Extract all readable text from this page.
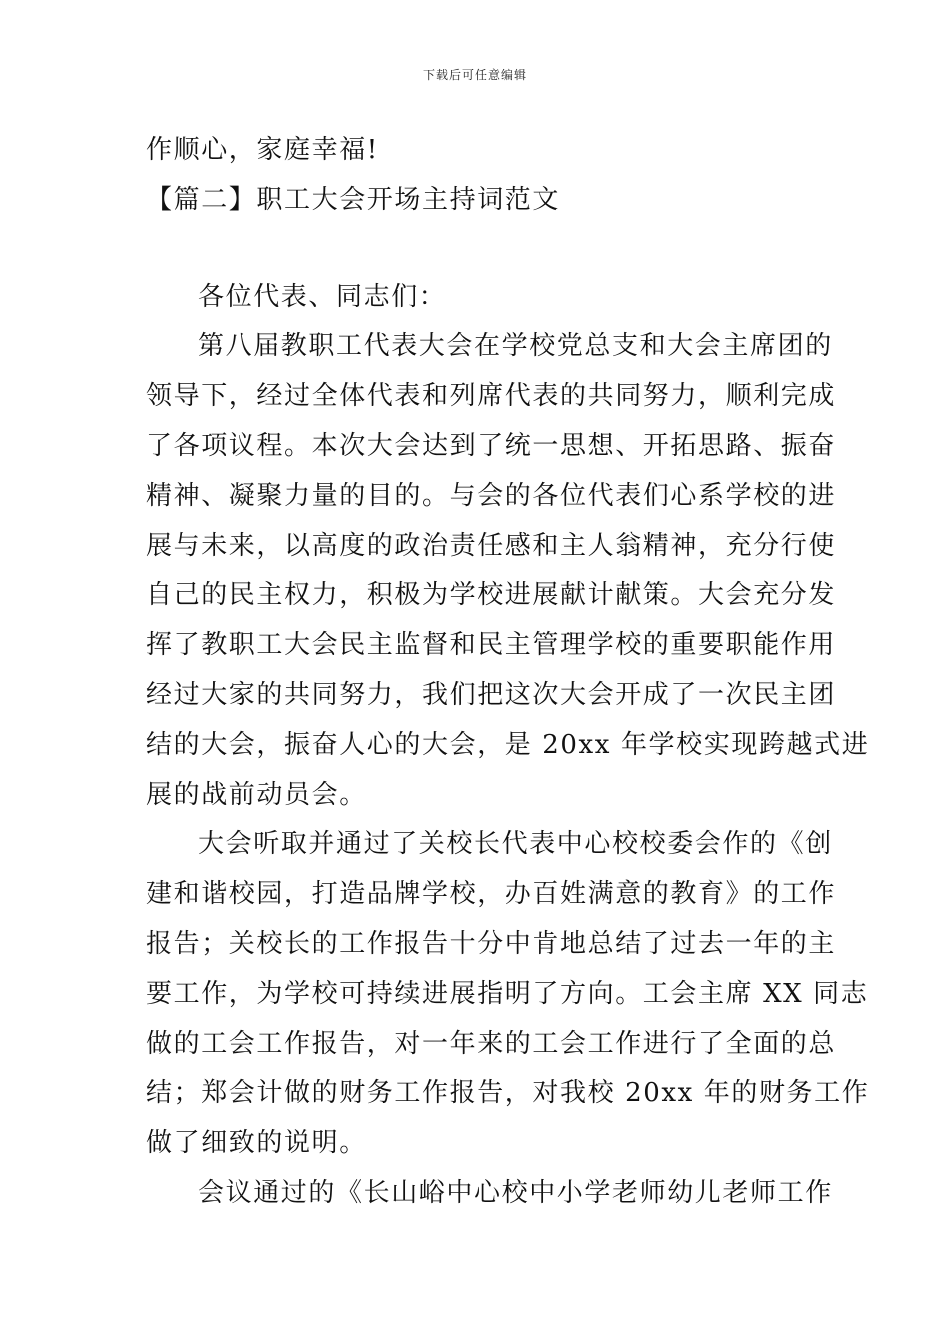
下载后可任意编辑
作顺心，家庭幸福!
【篇二】职工大会开场主持词范文
各位代表、同志们：
第八届教职工代表大会在学校党总支和大会主席团的
领导下，经过全体代表和列席代表的共同努力，顺利完成
了各项议程。本次大会达到了统一思想、开拓思路、振奋
精神、凝聚力量的目的。与会的各位代表们心系学校的进
展与未来，以高度的政治责任感和主人翁精神，充分行使
自己的民主权力，积极为学校进展献计献策。大会充分发
挥了教职工大会民主监督和民主管理学校的重要职能作用
经过大家的共同努力，我们把这次大会开成了一次民主团
结的大会，振奋人心的大会，是 20xx 年学校实现跨越式进
展的战前动员会。
大会听取并通过了关校长代表中心校校委会作的《创
建和谐校园，打造品牌学校，办百姓满意的教育》的工作
报告；关校长的工作报告十分中肯地总结了过去一年的主
要工作，为学校可持续进展指明了方向。工会主席 XX 同志
做的工会工作报告，对一年来的工会工作进行了全面的总
结；郑会计做的财务工作报告，对我校 20xx 年的财务工作
做了细致的说明。
会议通过的《长山峪中心校中小学老师幼儿老师工作
